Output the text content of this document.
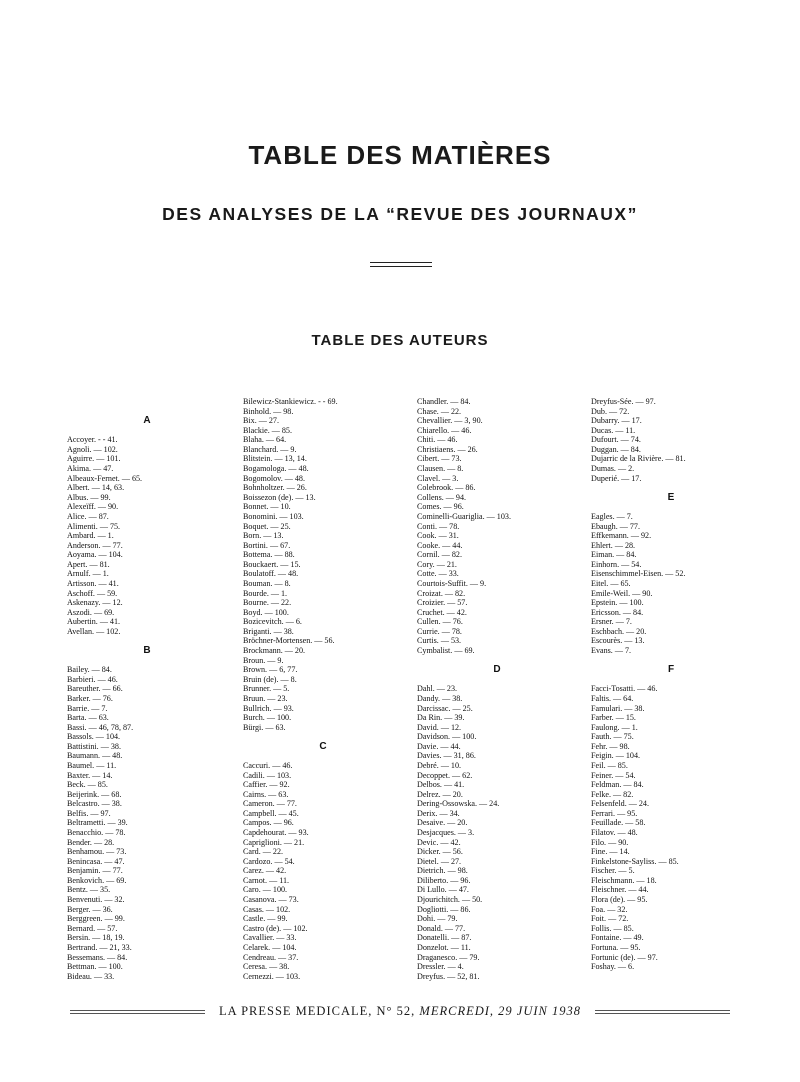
TABLE DES MATIÈRES
DES ANALYSES DE LA “REVUE DES JOURNAUX”
TABLE DES AUTEURS
A
Accoyer. - - 41.
Agnoli. — 102.
Aguirre. — 101.
Akima. — 47.
Albeaux-Fernet. — 65.
Albert. — 14, 63.
Albus. — 99.
Alexeïff. — 90.
Alice. — 87.
Alimenti. — 75.
Ambard. — 1.
Anderson. — 77.
Aoyama. — 104.
Apert. — 81.
Arnulf. — 1.
Artisson. — 41.
Aschoff. — 59.
Askenazy. — 12.
Aszodi. — 69.
Aubertin. — 41.
Avellan. — 102.
B
Bailey. — 84.
Barbieri. — 46.
Bareuther. — 66.
Barker. — 76.
Barrie. — 7.
Barta. — 63.
Bassi. — 46, 78, 87.
Bassols. — 104.
Battistini. — 38.
Baumann. — 48.
Baumel. — 11.
Baxter. — 14.
Beck. — 85.
Beijerink. — 68.
Belcastro. — 38.
Belfis. — 97.
Beltrametti. — 39.
Benacchio. — 78.
Bender. — 28.
Benhamou. — 73.
Benincasa. — 47.
Benjamin. — 77.
Benkovich. — 69.
Bentz. — 35.
Benvenuti. — 32.
Berger. — 36.
Berggreen. — 99.
Bernard. — 57.
Bersin. — 18, 19.
Bertrand. — 21, 33.
Bessemans. — 84.
Bettman. — 100.
Bideau. — 33.
Bilewicz-Stankiewicz. - - 69.
Binhold. — 98.
Bix. — 27.
Blackie. — 85.
Blaha. — 64.
Blanchard. — 9.
Blitstein. — 13, 14.
Bogamologa. — 48.
Bogomolov. — 48.
Bohnholtzer. — 26.
Boissezon (de). — 13.
Bonnet. — 10.
Bonomini. — 103.
Boquet. — 25.
Born. — 13.
Bortini. — 67.
Bottema. — 88.
Bouckaert. — 15.
Boulatoff. — 48.
Bouman. — 8.
Bourde. — 1.
Bourne. — 22.
Boyd. — 100.
Bozicevitch. — 6.
Briganti. — 38.
Bröchner-Mortensen. — 56.
Brockmann. — 20.
Broun. — 9.
Brown. — 6, 77.
Bruin (de). — 8.
Brunner. — 5.
Bruun. — 23.
Bullrich. — 93.
Burch. — 100.
Bürgi. — 63.
C
Caccuri. — 46.
Cadili. — 103.
Caffier. — 92.
Cairns. — 63.
Cameron. — 77.
Campbell. — 45.
Campos. — 96.
Capdehourat. — 93.
Capriglioni. — 21.
Card. — 22.
Cardozo. — 54.
Carez. — 42.
Carnot. — 11.
Caro. — 100.
Casanova. — 73.
Casas. — 102.
Castle. — 99.
Castro (de). — 102.
Cavallier. — 33.
Celarek. — 104.
Cendreau. — 37.
Ceresa. — 38.
Cernezzi. — 103.
Chandler. — 84.
Chase. — 22.
Chevallier. — 3, 90.
Chiarello. — 46.
Chiti. — 46.
Christiaens. — 26.
Cibert. — 73.
Clausen. — 8.
Clavel. — 3.
Colebrook. — 86.
Collens. — 94.
Comes. — 96.
Cominelli-Guariglia. — 103.
Conti. — 78.
Cook. — 31.
Cooke. — 44.
Cornil. — 82.
Cory. — 21.
Cotte. — 33.
Courtois-Suffit. — 9.
Croizat. — 82.
Croizier. — 57.
Cruchet. — 42.
Cullen. — 76.
Currie. — 78.
Curtis. — 53.
Cymbalist. — 69.
D
Dahl. — 23.
Dandy. — 38.
Darcissac. — 25.
Da Rin. — 39.
David. — 12.
Davidson. — 100.
Davie. — 44.
Davies. — 31, 86.
Debré. — 10.
Decoppet. — 62.
Delbos. — 41.
Delrez. — 20.
Dering-Ossowska. — 24.
Derix. — 34.
Desaive. — 20.
Desjacques. — 3.
Devic. — 42.
Dicker. — 56.
Dietel. — 27.
Dietrich. — 98.
Diliberto. — 96.
Di Lullo. — 47.
Djourichitch. — 50.
Dogliotti. — 86.
Dohi. — 79.
Donald. — 77.
Donatelli. — 87.
Donzelot. — 11.
Draganesco. — 79.
Dressler. — 4.
Dreyfus. — 52, 81.
Dreyfus-Sée. — 97.
Dub. — 72.
Dubarry. — 17.
Ducas. — 11.
Dufourt. — 74.
Duggan. — 84.
Dujarric de la Rivière. — 81.
Dumas. — 2.
Duperié. — 17.
E
Eagles. — 7.
Ebaugh. — 77.
Effkemann. — 92.
Ehlert. — 28.
Eiman. — 84.
Einhorn. — 54.
Eisenschimmel-Eisen. — 52.
Eitel. — 65.
Emile-Weil. — 90.
Epstein. — 100.
Ericsson. — 84.
Ersner. — 7.
Eschbach. — 20.
Escourès. — 13.
Evans. — 7.
F
Facci-Tosatti. — 46.
Faltis. — 64.
Famulari. — 38.
Farber. — 15.
Faulong. — 1.
Fauth. — 75.
Fehr. — 98.
Feigin. — 104.
Feil. — 85.
Feiner. — 54.
Feldman. — 84.
Felke. — 82.
Felsenfeld. — 24.
Ferrari. — 95.
Feuillade. — 58.
Filatov. — 48.
Filo. — 90.
Fine. — 14.
Finkelstone-Sayliss. — 85.
Fischer. — 5.
Fleischmann. — 18.
Fleischner. — 44.
Flora (de). — 95.
Foa. — 32.
Foit. — 72.
Follis. — 85.
Fontaine. — 49.
Fortuna. — 95.
Fortunic (de). — 97.
Foshay. — 6.
LA PRESSE MEDICALE, N° 52, MERCREDI, 29 JUIN 1938
